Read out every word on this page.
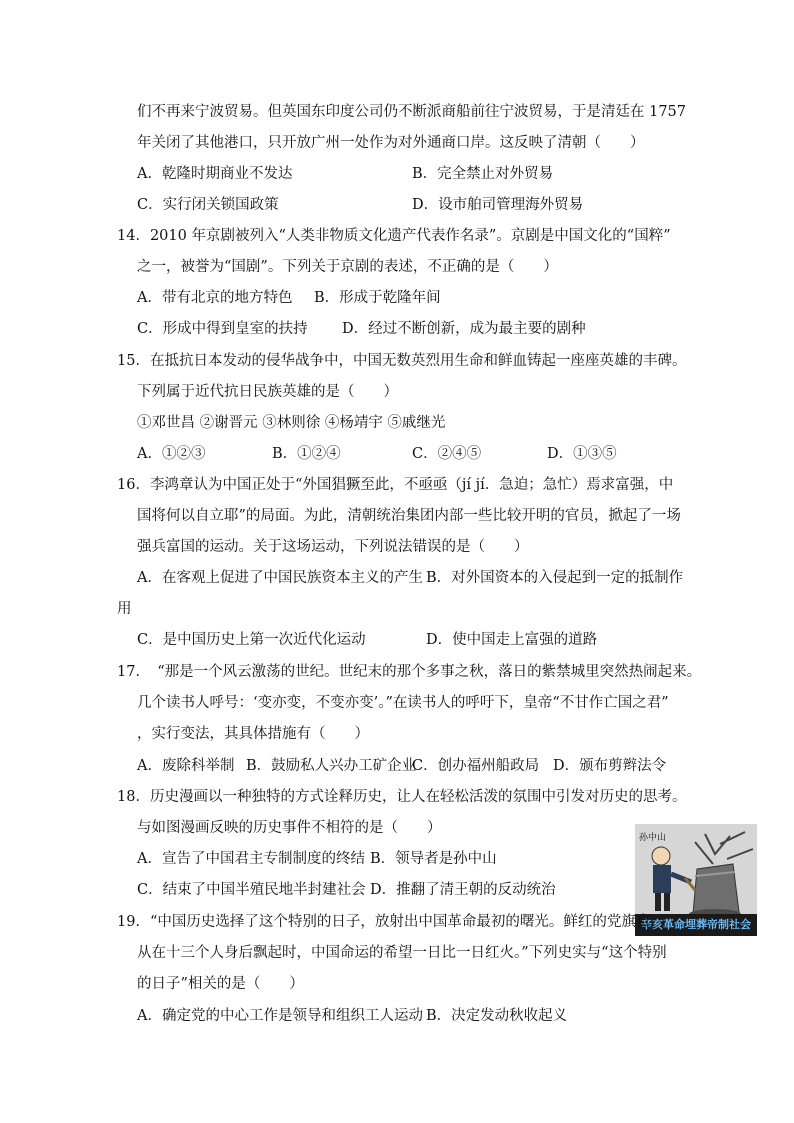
们不再来宁波贸易。但英国东印度公司仍不断派商船前往宁波贸易，于是清廷在 1757
年关闭了其他港口，只开放广州一处作为对外通商口岸。这反映了清朝（　　）
A．乾隆时期商业不发达	B．完全禁止对外贸易
C．实行闭关锁国政策	D．设市舶司管理海外贸易
14．2010 年京剧被列入“人类非物质文化遗产代表作名录”。京剧是中国文化的“国粹”
之一，被誉为“国剧”。下列关于京剧的表述，不正确的是（　　）
A．带有北京的地方特色 B．形成于乾隆年间
C．形成中得到皇室的扶持 D．经过不断创新，成为最主要的剧种
15．在抵抗日本发动的侵华战争中，中国无数英烈用生命和鲜血铸起一座座英雄的丰碑。
下列属于近代抗日民族英雄的是（　　）
①邓世昌 ②谢晋元 ③林则徐 ④杨靖宇 ⑤戚继光
A．①②③	B．①②④	C．②④⑤	D．①③⑤
16．李鸿章认为中国正处于“外国猖獗至此，不亟亟（jí jí．急迫；急忙）焉求富强，中
国将何以自立耶”的局面。为此，清朝统治集团内部一些比较开明的官员，掀起了一场
强兵富国的运动。关于这场运动，下列说法错误的是（　　）
A．在客观上促进了中国民族资本主义的产生 B．对外国资本的入侵起到一定的抵制作
用
C．是中国历史上第一次近代化运动	D．使中国走上富强的道路
17．　“那是一个风云激荡的世纪。世纪末的那个多事之秋，落日的紫禁城里突然热闹起来。
几个读书人呼号：‘变亦变，不变亦变’。”在读书人的呼吁下，皇帝“不甘作亡国之君”
，实行变法，其具体措施有（　　）
A．废除科举制 B．鼓励私人兴办工矿企业
C．创办福州船政局 D．颁布剪辫法令
18．历史漫画以一种独特的方式诠释历史，让人在轻松活泼的氛围中引发对历史的思考。
与如图漫画反映的历史事件不相符的是（　　）
A．宣告了中国君主专制制度的终结 B．领导者是孙中山
C．结束了中国半殖民地半封建社会 D．推翻了清王朝的反动统治
孙中山
辛亥革命埋葬帝制社会
19．“中国历史选择了这个特别的日子，放射出中国革命最初的曙光。鲜红的党旗自
从在十三个人身后飘起时，中国命运的希望一日比一日红火。”下列史实与“这个特别
的日子”相关的是（　　）
A．确定党的中心工作是领导和组织工人运动 B．决定发动秋收起义
